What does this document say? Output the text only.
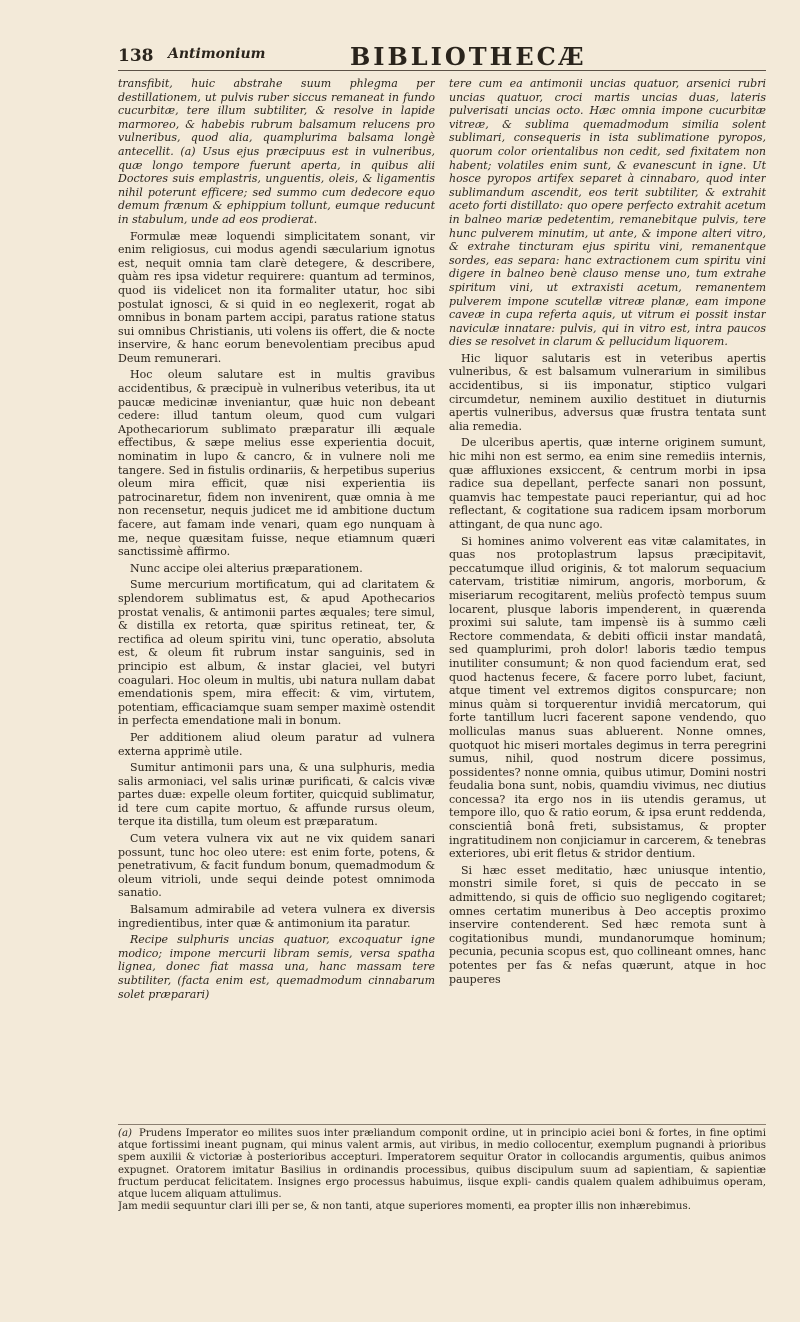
138 Antimonium	BIBLIOTHECÆ

transfibit, huic abstrahe suum phlegma per destillationem, ut pulvis ruber siccus remaneat in fundo cucurbitæ, tere illum subtiliter, & resolve in lapide marmoreo, & habebis rubrum balsamum relucens pro vulneribus, quod alia, quamplurima balsama longè antecellit. (a) Usus ejus præcipuus est in vulneribus, quæ longo tempore fuerunt aperta, in quibus alii Doctores suis emplastris, unguentis, oleis, & ligamentis nihil poterunt efficere; sed summo cum dedecore equo demum frænum & ephippium tollunt, eumque reducunt in stabulum, unde ad eos prodierat.

Formulæ meæ loquendi simplicitatem sonant, vir enim religiosus, cui modus agendi sæcularium ignotus est, nequit omnia tam clarè detegere, & describere, quàm res ipsa videtur requirere: quantum ad terminos, quod iis videlicet non ita formaliter utatur, hoc sibi postulat ignosci, & si quid in eo neglexerit, rogat ab omnibus in bonam partem accipi, paratus ratione status sui omnibus Christianis, uti volens iis offert, die & nocte inservire, & hanc eorum benevolentiam precibus apud Deum remunerari.

Hoc oleum salutare est in multis gravibus accidentibus, & præcipuè in vulneribus veteribus, ita ut paucæ medicinæ inveniantur, quæ huic non debeant cedere: illud tantum oleum, quod cum vulgari Apothecariorum sublimato præparatur illi æquale effectibus, & sæpe melius esse experientia docuit, nominatim in lupo & cancro, & in vulnere noli me tangere. Sed in fistulis ordinariis, & herpetibus superius oleum mira efficit, quæ nisi experientia iis patrocinaretur, fidem non invenirent, quæ omnia à me non recensetur, nequis judicet me id ambitione ductum facere, aut famam inde venari, quam ego nunquam à me, neque quæsitam fuisse, neque etiamnum quæri sanctissimè affirmo.

Nunc accipe olei alterius præparationem.

Sume mercurium mortificatum, qui ad claritatem & splendorem sublimatus est, & apud Apothecarios prostat venalis, & antimonii partes æquales; tere simul, & distilla ex retorta, quæ spiritus retineat, ter, & rectifica ad oleum spiritu vini, tunc operatio, absoluta est, & oleum fit rubrum instar sanguinis, sed in principio est album, & instar glaciei, vel butyri coagulari. Hoc oleum in multis, ubi natura nullam dabat emendationis spem, mira effecit: & vim, virtutem, potentiam, efficaciamque suam semper maximè ostendit in perfecta emendatione mali in bonum.

Per additionem aliud oleum paratur ad vulnera externa apprimè utile.

Sumitur antimonii pars una, & una sulphuris, media salis armoniaci, vel salis urinæ purificati, & calcis vivæ partes duæ: expelle oleum fortiter, quicquid sublimatur, id tere cum capite mortuo, & affunde rursus oleum, terque ita distilla, tum oleum est præparatum.

Cum vetera vulnera vix aut ne vix quidem sanari possunt, tunc hoc oleo utere: est enim forte, potens, & penetrativum, & facit fundum bonum, quemadmodum & oleum vitrioli, unde sequi deinde potest omnimoda sanatio.

Balsamum admirabile ad vetera vulnera ex diversis ingredientibus, inter quæ & antimonium ita paratur.

Recipe sulphuris uncias quatuor, excoquatur igne modico; impone mercurii libram semis, versa spatha lignea, donec fiat massa una, hanc massam tere subtiliter, (facta enim est, quemadmodum cinnabarum solet præparari)

tere cum ea antimonii uncias quatuor, arsenici rubri uncias quatuor, croci martis uncias duas, lateris pulverisati uncias octo. Hæc omnia impone cucurbitæ vitreæ, & sublima quemadmodum similia solent sublimari, consequeris in ista sublimatione pyropos, quorum color orientalibus non cedit, sed fixitatem non habent; volatiles enim sunt, & evanescunt in igne. Ut hosce pyropos artifex separet à cinnabaro, quod inter sublimandum ascendit, eos terit subtiliter, & extrahit aceto forti distillato: quo opere perfecto extrahit acetum in balneo mariæ pedetentim, remanebitque pulvis, tere hunc pulverem minutim, ut ante, & impone alteri vitro, & extrahe tincturam ejus spiritu vini, remanentque sordes, eas separa: hanc extractionem cum spiritu vini digere in balneo benè clauso mense uno, tum extrahe spiritum vini, ut extraxisti acetum, remanentem pulverem impone scutellæ vitreæ planæ, eam impone caveæ in cupa referta aquis, ut vitrum ei possit instar naviculæ innatare: pulvis, qui in vitro est, intra paucos dies se resolvet in clarum & pellucidum liquorem.

Hic liquor salutaris est in veteribus apertis vulneribus, & est balsamum vulnerarium in similibus accidentibus, si iis imponatur, stiptico vulgari circumdetur, neminem auxilio destituet in diuturnis apertis vulneribus, adversus quæ frustra tentata sunt alia remedia.

De ulceribus apertis, quæ interne originem sumunt, hic mihi non est sermo, ea enim sine remediis internis, quæ affluxiones exsiccent, & centrum morbi in ipsa radice sua depellant, perfecte sanari non possunt, quamvis hac tempestate pauci reperiantur, qui ad hoc reflectant, & cogitatione sua radicem ipsam morborum attingant, de qua nunc ago.

Si homines animo volverent eas vitæ calamitates, in quas nos protoplastrum lapsus præcipitavit, peccatumque illud originis, & tot malorum sequacium catervam, tristitiæ nimirum, angoris, morborum, & miseriarum recogitarent, meliùs profectò tempus suum locarent, plusque laboris impenderent, in quærenda proximi sui salute, tam impensè iis à summo cæli Rectore commendata, & debiti officii instar mandatâ, sed quamplurimi, proh dolor! laboris tædio tempus inutiliter consumunt; & non quod faciendum erat, sed quod hactenus fecere, & facere porro lubet, faciunt, atque timent vel extremos digitos conspurcare; non minus quàm si torquerentur invidiâ mercatorum, qui forte tantillum lucri facerent sapone vendendo, quo molliculas manus suas abluerent. Nonne omnes, quotquot hic miseri mortales degimus in terra peregrini sumus, nihil, quod nostrum dicere possimus, possidentes? nonne omnia, quibus utimur, Domini nostri feudalia bona sunt, nobis, quamdiu vivimus, nec diutius concessa? ita ergo nos in iis utendis geramus, ut tempore illo, quo & ratio eorum, & ipsa erunt reddenda, conscientiâ bonâ freti, subsistamus, & propter ingratitudinem non conjiciamur in carcerem, & tenebras exteriores, ubi erit fletus & stridor dentium.

Si hæc esset meditatio, hæc uniusque intentio, monstri simile foret, si quis de peccato in se admittendo, si quis de officio suo negligendo cogitaret; omnes certatim muneribus à Deo acceptis proximo inservire contenderent. Sed hæc remota sunt à cogitationibus mundi, mundanorumque hominum; pecunia, pecunia scopus est, quo collineant omnes, hanc potentes per fas & nefas quærunt, atque in hoc pauperes

(a) Prudens Imperator eo milites suos inter præliandum componit ordine, ut in principio aciei boni & fortes, in fine optimi atque fortissimi ineant pugnam, qui minus valent armis, aut viribus, in medio collocentur, exemplum pugnandi à prioribus spem auxilii & victoriæ à posterioribus accepturi. Imperatorem sequitur Orator in collocandis argumentis, quibus animos expugnet. Oratorem imitatur Basilius in ordinandis processibus, quibus discipulum suum ad sapientiam, & sapientiæ fructum perducat felicitatem. Insignes ergo processus habuimus, iisque expli- candis qualem qualem adhibuimus operam, atque lucem aliquam attulimus.

Jam medii sequuntur clari illi per se, & non tanti, atque superiores momenti, ea propter illis non inhærebimus.
